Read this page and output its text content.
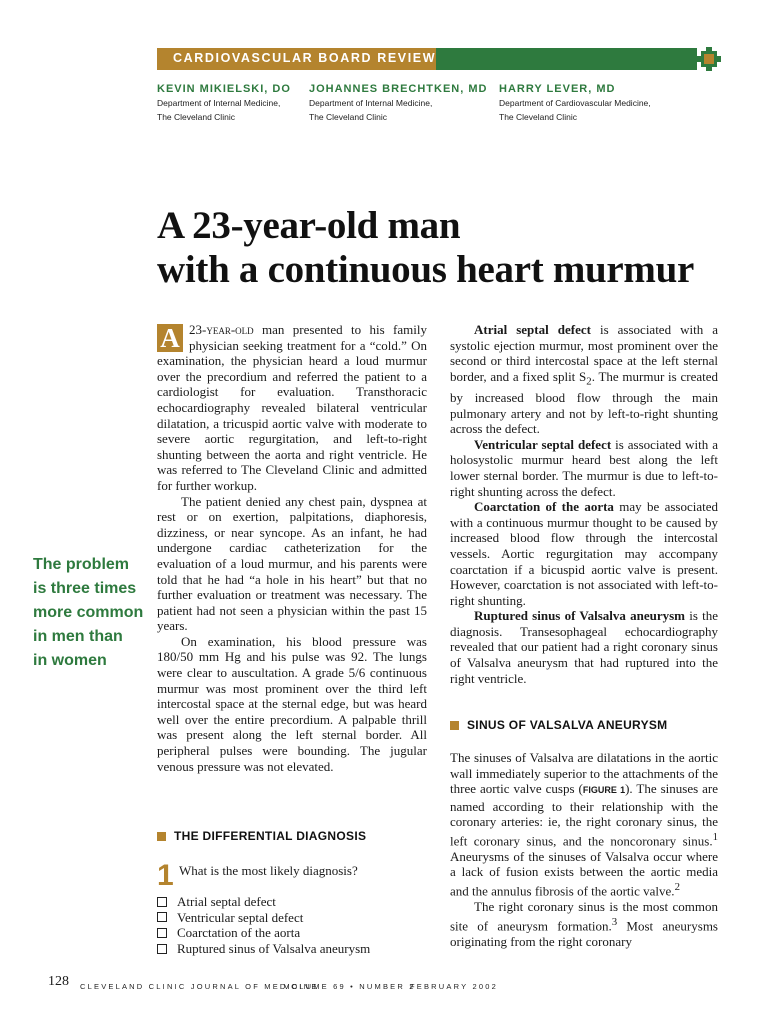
CARDIOVASCULAR BOARD REVIEW
KEVIN MIKIELSKI, DO
Department of Internal Medicine,
The Cleveland Clinic
JOHANNES BRECHTKEN, MD
Department of Internal Medicine,
The Cleveland Clinic
HARRY LEVER, MD
Department of Cardiovascular Medicine,
The Cleveland Clinic
A 23-year-old man
with a continuous heart murmur
The problem
is three times
more common
in men than
in women

A 23-year-old man presented to his family physician seeking treatment for a “cold.” On examination, the physician heard a loud murmur over the precordium and referred the patient to a cardiologist for evaluation. Transthoracic echocardiography revealed bilateral ventricular dilatation, a tricuspid aortic valve with moderate to severe aortic regurgitation, and left-to-right shunting between the aorta and right ventricle. He was referred to The Cleveland Clinic and admitted for further workup.

The patient denied any chest pain, dyspnea at rest or on exertion, palpitations, diaphoresis, dizziness, or near syncope. As an infant, he had undergone cardiac catheterization for the evaluation of a loud murmur, and his parents were told that he had “a hole in his heart” but that no further evaluation or treatment was necessary. The patient had not seen a physician within the past 15 years.

On examination, his blood pressure was 180/50 mm Hg and his pulse was 92. The lungs were clear to auscultation. A grade 5/6 continuous murmur was most prominent over the third left intercostal space at the sternal edge, but was heard well over the entire precordium. A palpable thrill was present along the left sternal border. All peripheral pulses were bounding. The jugular venous pressure was not elevated.

THE DIFFERENTIAL DIAGNOSIS
1 What is the most likely diagnosis?
Atrial septal defect
Ventricular septal defect
Coarctation of the aorta
Ruptured sinus of Valsalva aneurysm

Atrial septal defect is associated with a systolic ejection murmur, most prominent over the second or third intercostal space at the left sternal border, and a fixed split $S_2$. The murmur is created by increased blood flow through the main pulmonary artery and not by left-to-right shunting across the defect.

Ventricular septal defect is associated with a holosystolic murmur heard best along the left lower sternal border. The murmur is due to left-to-right shunting across the defect.

Coarctation of the aorta may be associated with a continuous murmur thought to be caused by increased blood flow through the intercostal vessels. Aortic regurgitation may accompany coarctation if a bicuspid aortic valve is present. However, coarctation is not associated with left-to-right shunting.

Ruptured sinus of Valsalva aneurysm is the diagnosis. Transesophageal echocardiography revealed that our patient had a right coronary sinus of Valsalva aneurysm that had ruptured into the right ventricle.

SINUS OF VALSALVA ANEURYSM

The sinuses of Valsalva are dilatations in the aortic wall immediately superior to the attachments of the three aortic valve cusps (FIGURE 1). The sinuses are named according to their relationship with the coronary arteries: ie, the right coronary sinus, the left coronary sinus, and the noncoronary sinus.$^1$ Aneurysms of the sinuses of Valsalva occur where a lack of fusion exists between the aortic media and the annulus fibrosis of the aortic valve.$^2$

The right coronary sinus is the most common site of aneurysm formation.$^3$ Most aneurysms originating from the right coronary

128 CLEVELAND CLINIC JOURNAL OF MEDICINE
VOLUME 69 • NUMBER 2
FEBRUARY 2002
